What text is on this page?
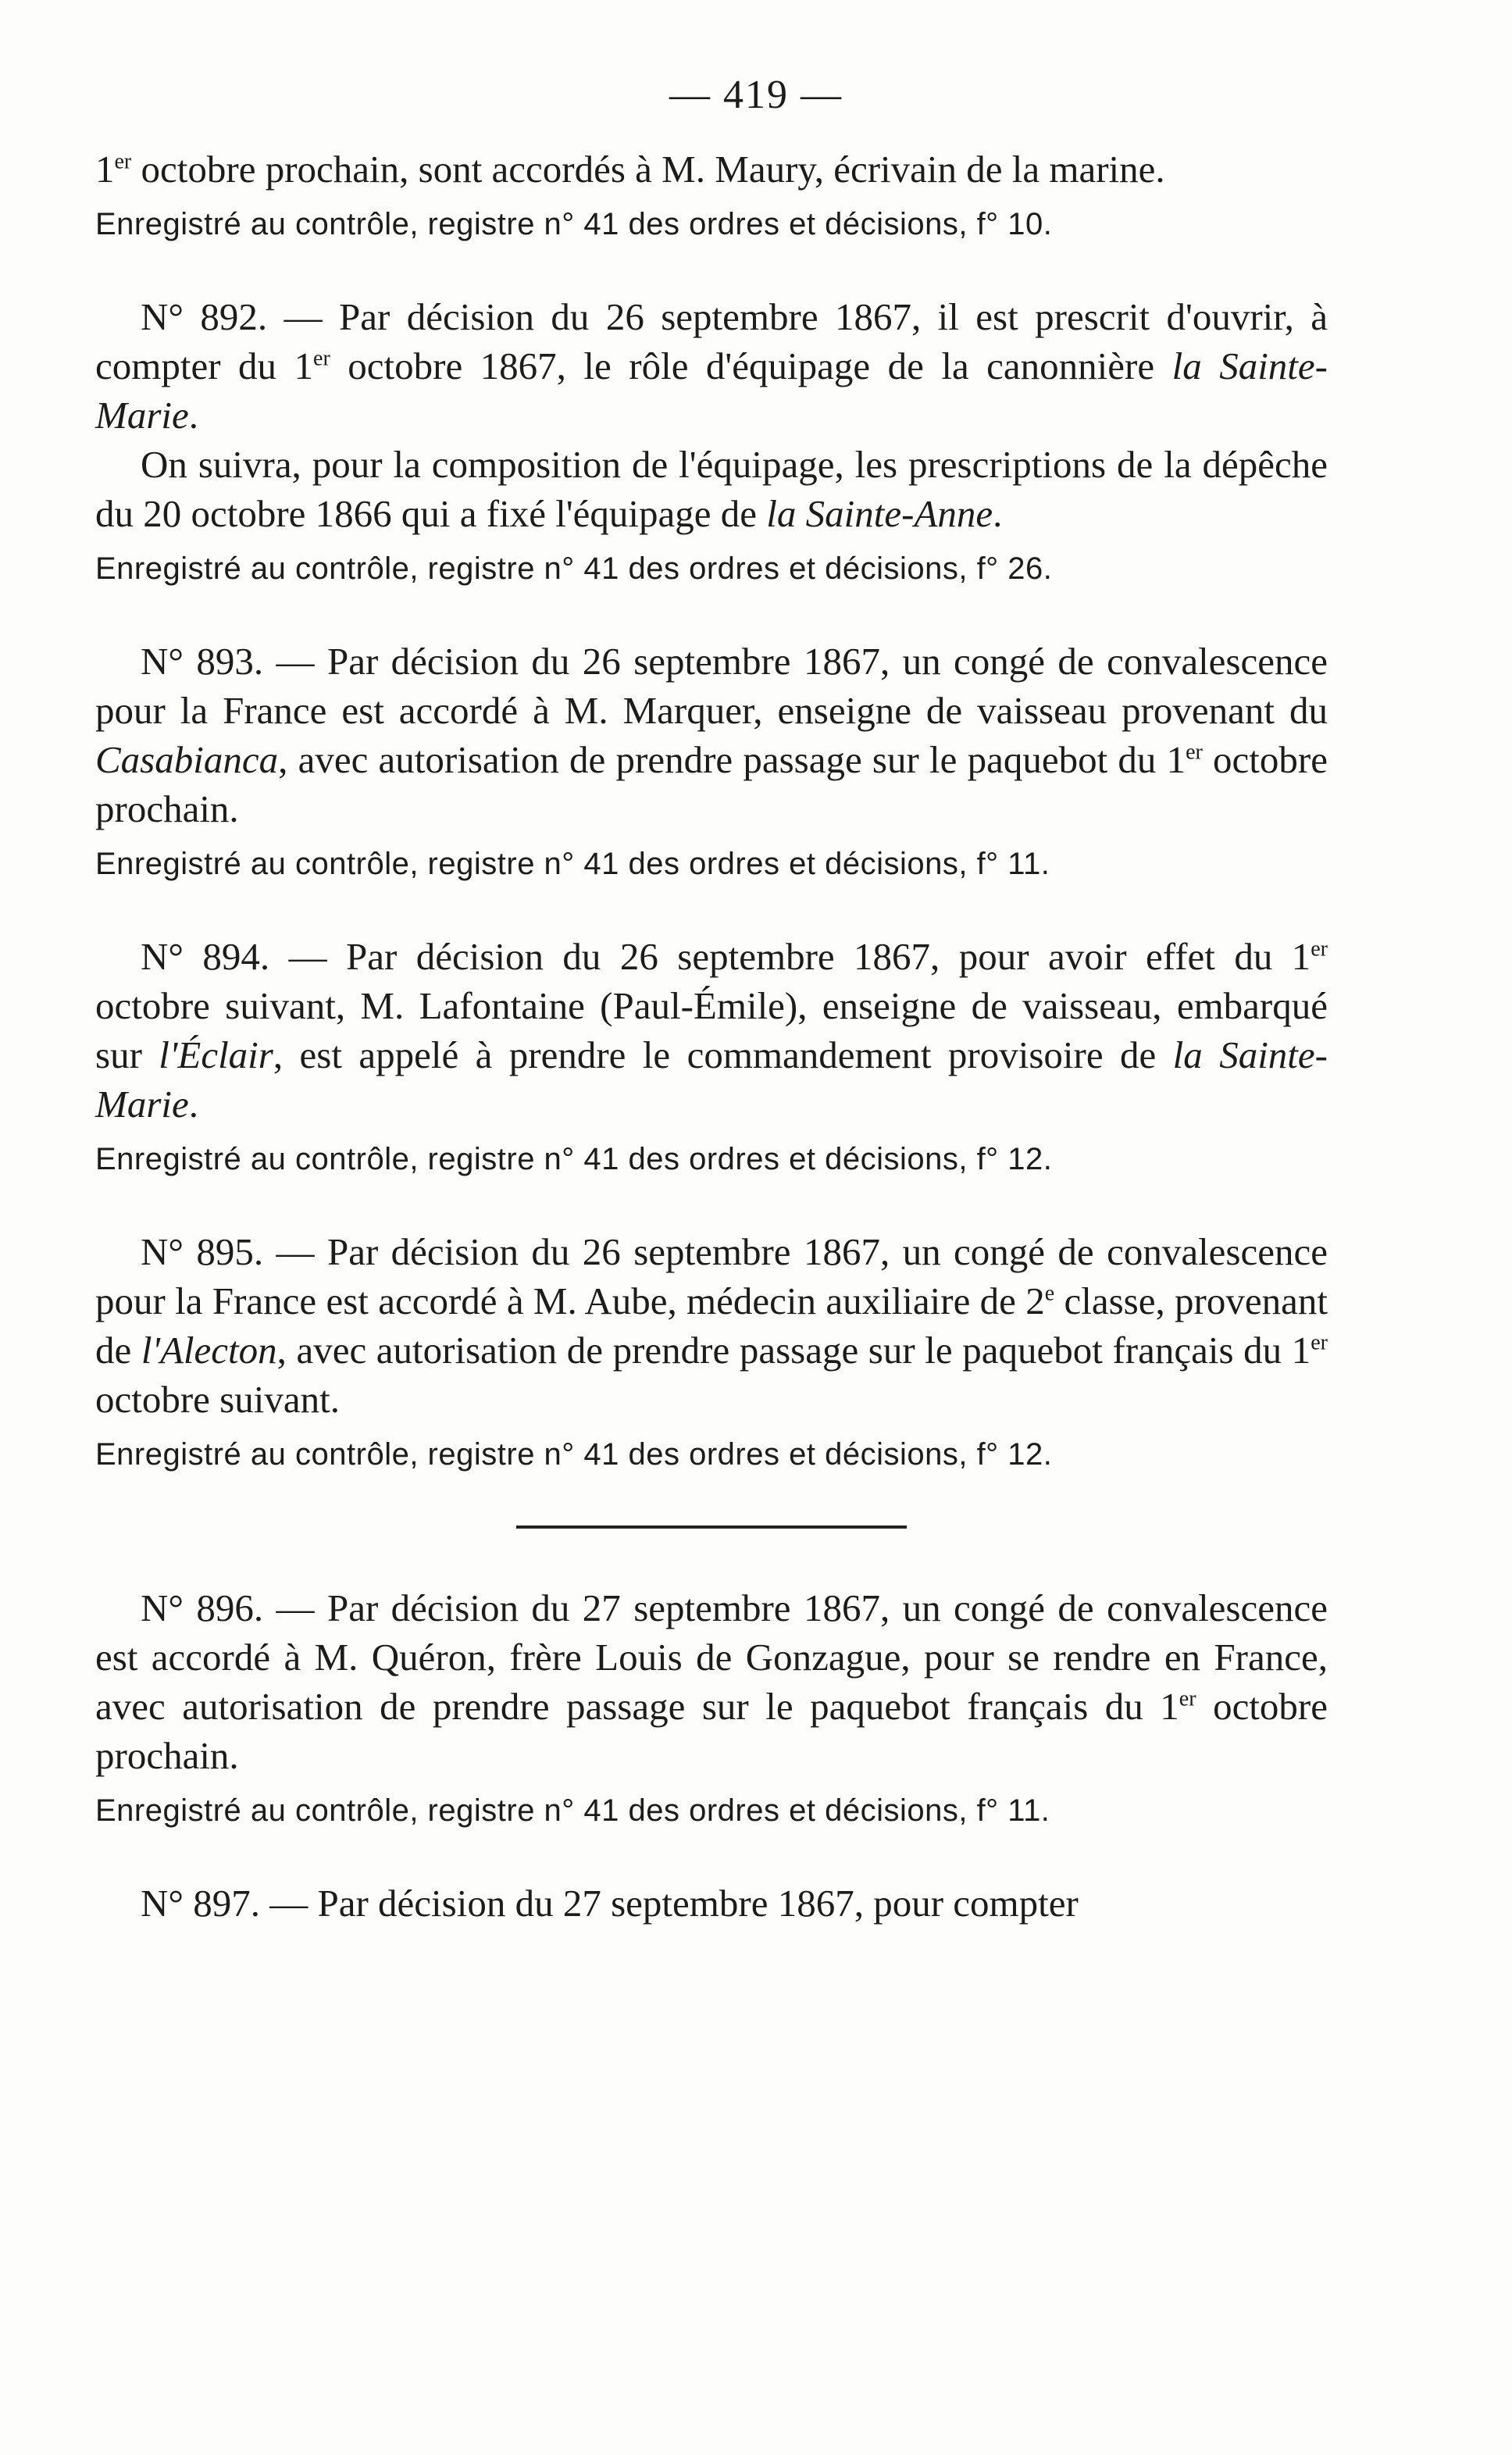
— 419 —

1er octobre prochain, sont accordés à M. Maury, écrivain de la marine.

Enregistré au contrôle, registre n° 41 des ordres et décisions, f° 10.

N° 892. — Par décision du 26 septembre 1867, il est prescrit d'ouvrir, à compter du 1er octobre 1867, le rôle d'équipage de la canonnière la Sainte-Marie.

On suivra, pour la composition de l'équipage, les prescriptions de la dépêche du 20 octobre 1866 qui a fixé l'équipage de la Sainte-Anne.

Enregistré au contrôle, registre n° 41 des ordres et décisions, f° 26.

N° 893. — Par décision du 26 septembre 1867, un congé de convalescence pour la France est accordé à M. Marquer, enseigne de vaisseau provenant du Casabianca, avec autorisation de prendre passage sur le paquebot du 1er octobre prochain.

Enregistré au contrôle, registre n° 41 des ordres et décisions, f° 11.

N° 894. — Par décision du 26 septembre 1867, pour avoir effet du 1er octobre suivant, M. Lafontaine (Paul-Émile), enseigne de vaisseau, embarqué sur l'Éclair, est appelé à prendre le commandement provisoire de la Sainte-Marie.

Enregistré au contrôle, registre n° 41 des ordres et décisions, f° 12.

N° 895. — Par décision du 26 septembre 1867, un congé de convalescence pour la France est accordé à M. Aube, médecin auxiliaire de 2e classe, provenant de l'Alecton, avec autorisation de prendre passage sur le paquebot français du 1er octobre suivant.

Enregistré au contrôle, registre n° 41 des ordres et décisions, f° 12.

N° 896. — Par décision du 27 septembre 1867, un congé de convalescence est accordé à M. Quéron, frère Louis de Gonzague, pour se rendre en France, avec autorisation de prendre passage sur le paquebot français du 1er octobre prochain.

Enregistré au contrôle, registre n° 41 des ordres et décisions, f° 11.

N° 897. — Par décision du 27 septembre 1867, pour compter
